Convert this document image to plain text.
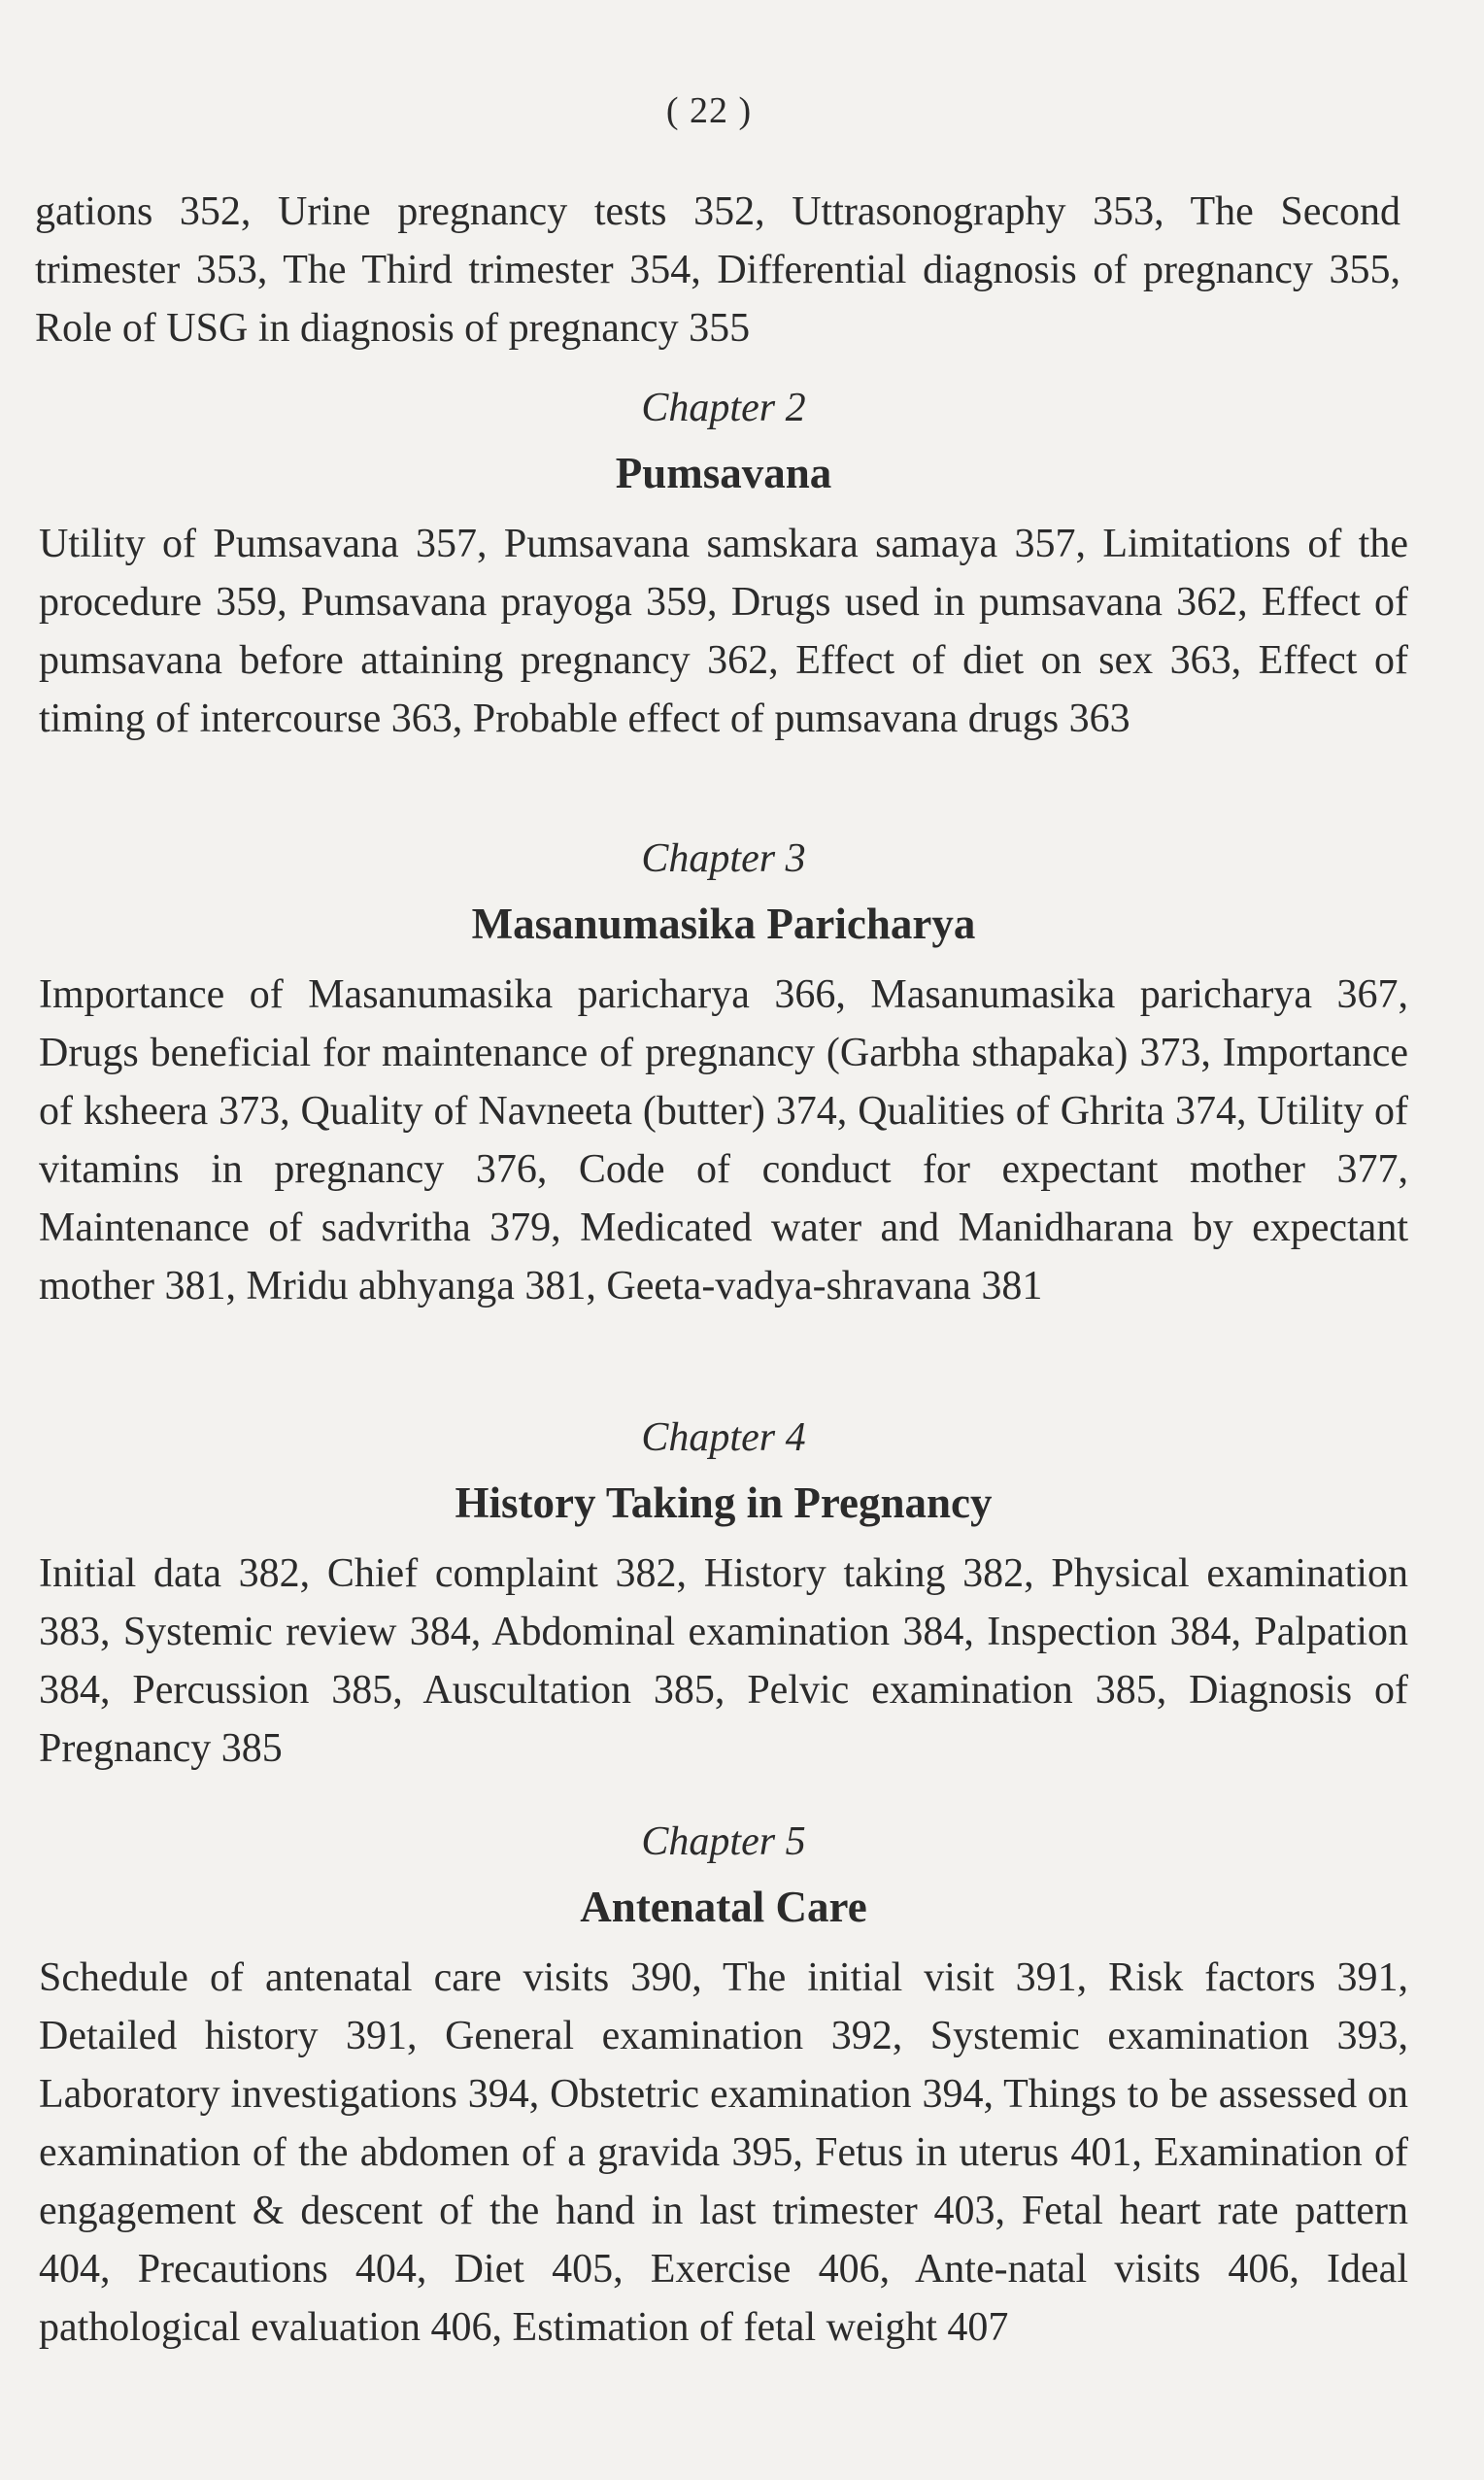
( 22 )

gations 352, Urine pregnancy tests 352, Uttrasonography 353, The Second trimester 353, The Third trimester 354, Differential diagnosis of pregnancy 355, Role of USG in diagnosis of pregnancy 355

Chapter 2

Pumsavana

Utility of Pumsavana 357, Pumsavana samskara samaya 357, Limitations of the procedure 359, Pumsavana prayoga 359, Drugs used in pumsavana 362, Effect of pumsavana before attaining pregnancy 362, Effect of diet on sex 363, Effect of timing of intercourse 363, Probable effect of pumsavana drugs 363

Chapter 3

Masanumasika Paricharya

Importance of Masanumasika paricharya 366, Masanumasika paricharya 367, Drugs beneficial for maintenance of pregnancy (Garbha sthapaka) 373, Importance of ksheera 373, Quality of Navneeta (butter) 374, Qualities of Ghrita 374, Utility of vitamins in pregnancy 376, Code of conduct for expectant mother 377, Maintenance of sadvritha 379, Medicated water and Manidharana by expectant mother 381, Mridu abhyanga 381, Geeta-vadya-shravana 381

Chapter 4

History Taking in Pregnancy

Initial data 382, Chief complaint 382, History taking 382, Physical examination 383, Systemic review 384, Abdominal examination 384, Inspection 384, Palpation 384, Percussion 385, Auscultation 385, Pelvic examination 385, Diagnosis of Pregnancy 385

Chapter 5

Antenatal Care

Schedule of antenatal care visits 390, The initial visit 391, Risk factors 391, Detailed history 391, General examination 392, Systemic examination 393, Laboratory investigations 394, Obstetric examination 394, Things to be assessed on examination of the abdomen of a gravida 395, Fetus in uterus 401, Examination of engagement & descent of the hand in last trimester 403, Fetal heart rate pattern 404, Precautions 404, Diet 405, Exercise 406, Ante-natal visits 406, Ideal pathological evaluation 406, Estimation of fetal weight 407
